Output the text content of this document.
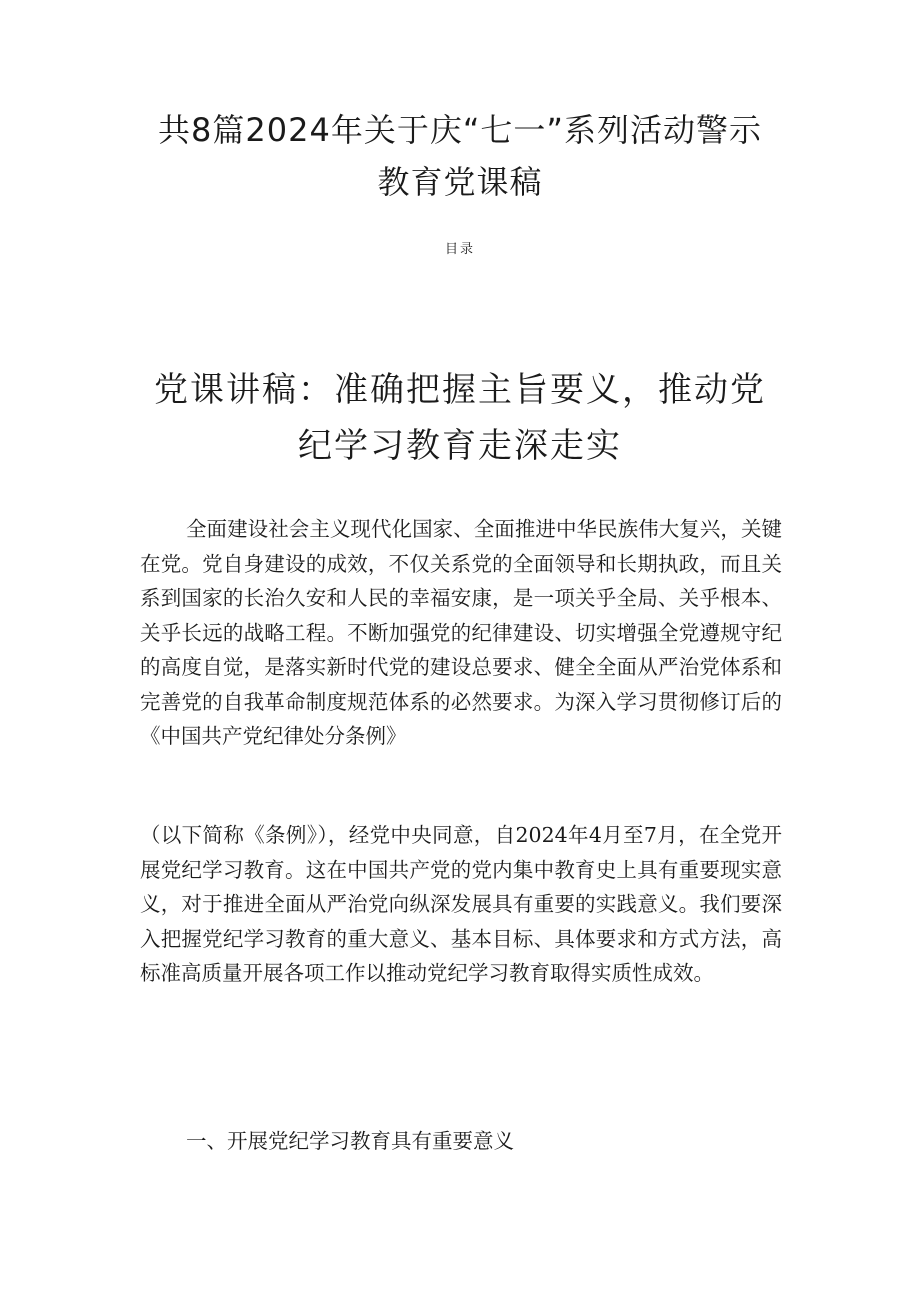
共8篇2024年关于庆“七一”系列活动警示教育党课稿
目录
党课讲稿：准确把握主旨要义，推动党纪学习教育走深走实

全面建设社会主义现代化国家、全面推进中华民族伟大复兴，关键在党。党自身建设的成效，不仅关系党的全面领导和长期执政，而且关系到国家的长治久安和人民的幸福安康，是一项关乎全局、关乎根本、关乎长远的战略工程。不断加强党的纪律建设、切实增强全党遵规守纪的高度自觉，是落实新时代党的建设总要求、健全全面从严治党体系和完善党的自我革命制度规范体系的必然要求。为深入学习贯彻修订后的《中国共产党纪律处分条例》

（以下简称《条例》），经党中央同意，自2024年4月至7月，在全党开展党纪学习教育。这在中国共产党的党内集中教育史上具有重要现实意义，对于推进全面从严治党向纵深发展具有重要的实践意义。我们要深入把握党纪学习教育的重大意义、基本目标、具体要求和方式方法，高标准高质量开展各项工作以推动党纪学习教育取得实质性成效。

一、开展党纪学习教育具有重要意义
